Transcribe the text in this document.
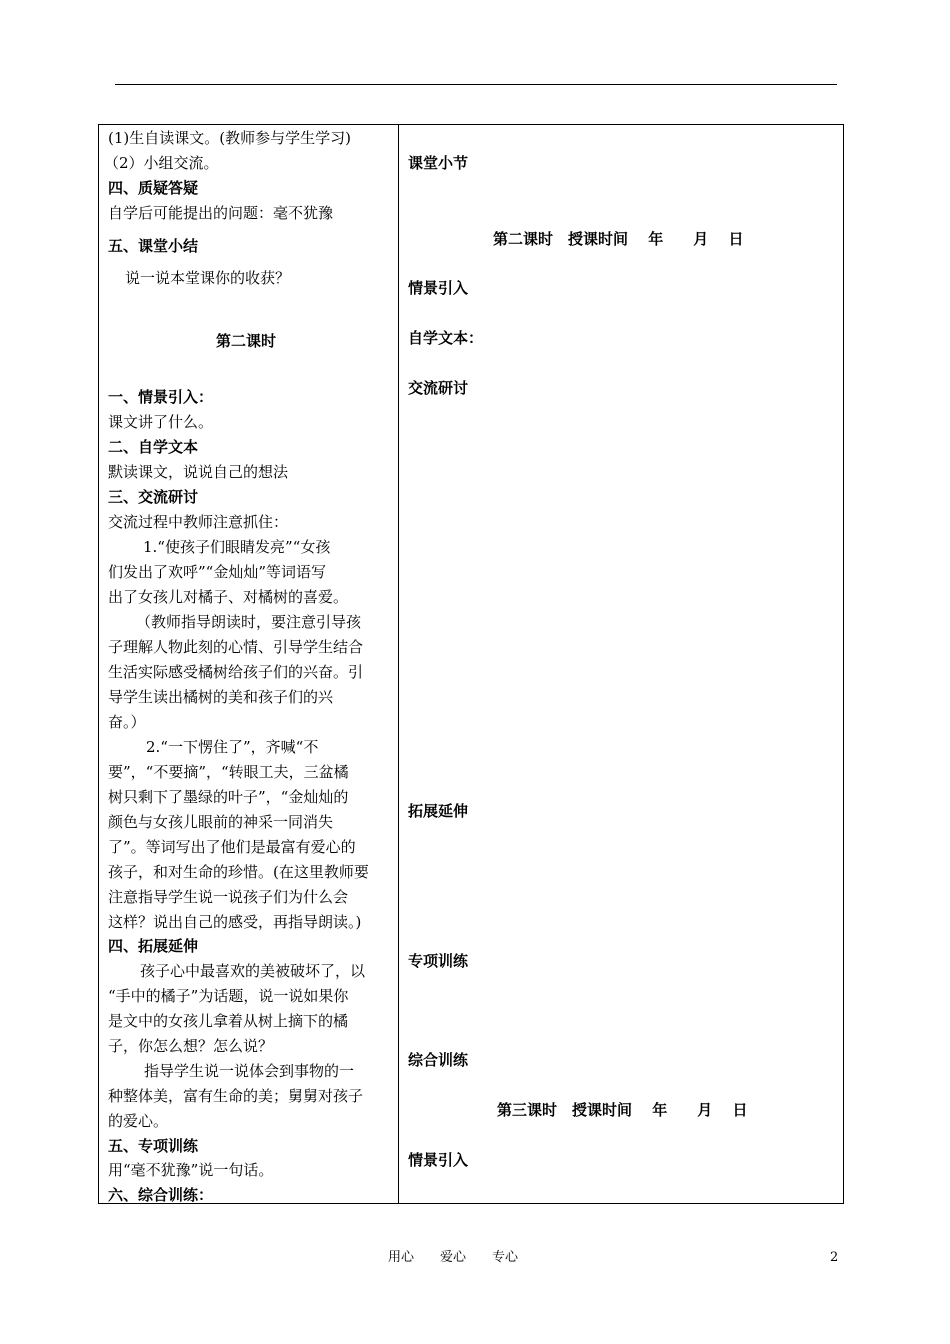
(1)生自读课文。(教师参与学生学习)
（2）小组交流。
四、质疑答疑
自学后可能提出的问题：毫不犹豫
五、课堂小结
说一说本堂课你的收获？
第二课时
一、情景引入：
课文讲了什么。
二、自学文本
默读课文，说说自己的想法
三、交流研讨
交流过程中教师注意抓住：
1.“使孩子们眼睛发亮”“女孩
们发出了欢呼”“金灿灿”等词语写
出了女孩儿对橘子、对橘树的喜爱。
（教师指导朗读时，要注意引导孩
子理解人物此刻的心情、引导学生结合
生活实际感受橘树给孩子们的兴奋。引
导学生读出橘树的美和孩子们的兴
奋。）
2.“一下愣住了”，齐喊“不
要”，“不要摘”，“转眼工夫，三盆橘
树只剩下了墨绿的叶子”，“金灿灿的
颜色与女孩儿眼前的神采一同消失
了”。等词写出了他们是最富有爱心的
孩子，和对生命的珍惜。(在这里教师要
注意指导学生说一说孩子们为什么会
这样？说出自己的感受，再指导朗读。)
四、拓展延伸
孩子心中最喜欢的美被破坏了，以
“手中的橘子”为话题，说一说如果你
是文中的女孩儿拿着从树上摘下的橘
子，你怎么想？怎么说？
指导学生说一说体会到事物的一
种整体美，富有生命的美；舅舅对孩子
的爱心。
五、专项训练
用“毫不犹豫”说一句话。
六、综合训练：
课堂小节
第二课时　授课时间　 年　　月　 日
情景引入
自学文本：
交流研讨
拓展延伸
专项训练
综合训练
第三课时　授课时间　 年　　月　 日
情景引入
用心　　爱心　　专心	2
